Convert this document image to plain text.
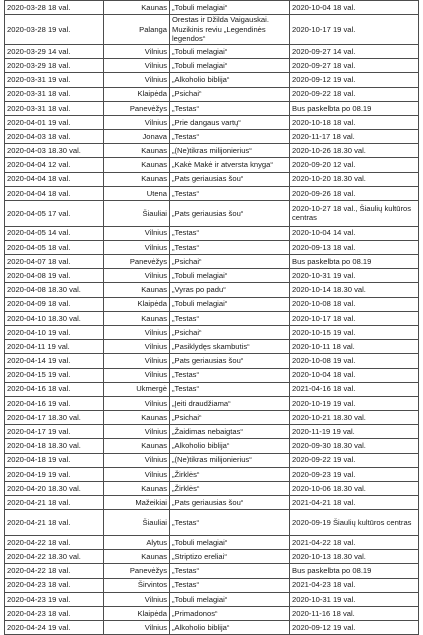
2020-03-28 18 val.	Kaunas	„Tobuli melagiai“	2020-10-04 18 val.
2020-03-28 19 val.	Palanga	Orestas ir Džilda Vaigauskai. Muzikinis reviu „Legendinės legendos“	2020-10-17 19 val.
2020-03-29 14 val.	Vilnius	„Tobuli melagiai“	2020-09-27 14 val.
2020-03-29 18 val.	Vilnius	„Tobuli melagiai“	2020-09-27 18 val.
2020-03-31 19 val.	Vilnius	„Alkoholio biblija“	2020-09-12 19 val.
2020-03-31 18 val.	Klaipėda	„Psichai“	2020-09-22 18 val.
2020-03-31 18 val.	Panevėžys	„Testas“	Bus paskelbta po 08.19
2020-04-01 19 val.	Vilnius	„Prie dangaus vartų“	2020-10-18 18 val.
2020-04-03 18 val.	Jonava	„Testas“	2020-11-17 18 val.
2020-04-03 18.30 val.	Kaunas	„(Ne)tikras milijonierius“	2020-10-26 18.30 val.
2020-04-04 12 val.	Kaunas	„Kakė Makė ir atversta knyga“	2020-09-20 12 val.
2020-04-04 18 val.	Kaunas	„Pats geriausias šou“	2020-10-20 18.30 val.
2020-04-04 18 val.	Utena	„Testas“	2020-09-26 18 val.
2020-04-05 17 val.	Šiauliai	„Pats geriausias šou“	2020-10-27 18 val., Šiaulių kultūros centras
2020-04-05 14 val.	Vilnius	„Testas“	2020-10-04 14 val.
2020-04-05 18 val.	Vilnius	„Testas“	2020-09-13 18 val.
2020-04-07 18 val.	Panevėžys	„Psichai“	Bus paskelbta po 08.19
2020-04-08 19 val.	Vilnius	„Tobuli melagiai“	2020-10-31 19 val.
2020-04-08 18.30 val.	Kaunas	„Vyras po padu“	2020-10-14 18.30 val.
2020-04-09 18 val.	Klaipėda	„Tobuli melagiai“	2020-10-08 18 val.
2020-04-10 18.30 val.	Kaunas	„Testas“	2020-10-17 18 val.
2020-04-10 19 val.	Vilnius	„Psichai“	2020-10-15 19 val.
2020-04-11 19 val.	Vilnius	„Pasiklydęs skambutis“	2020-10-11 18 val.
2020-04-14 19 val.	Vilnius	„Pats geriausias šou“	2020-10-08 19 val.
2020-04-15 19 val.	Vilnius	„Testas“	2020-10-04 18 val.
2020-04-16 18 val.	Ukmergė	„Testas“	2021-04-16 18 val.
2020-04-16 19 val.	Vilnius	„Įeiti draudžiama“	2020-10-19 19 val.
2020-04-17 18.30 val.	Kaunas	„Psichai“	2020-10-21 18.30 val.
2020-04-17 19 val.	Vilnius	„Žaidimas nebaigtas“	2020-11-19 19 val.
2020-04-18 18.30 val.	Kaunas	„Alkoholio biblija“	2020-09-30 18.30 val.
2020-04-18 19 val.	Vilnius	„(Ne)tikras milijonierius“	2020-09-22 19 val.
2020-04-19 19 val.	Vilnius	„Žirklės“	2020-09-23 19 val.
2020-04-20 18.30 val.	Kaunas	„Žirklės“	2020-10-06 18.30 val.
2020-04-21 18 val.	Mažeikiai	„Pats geriausias šou“	2021-04-21 18 val.
2020-04-21 18 val.	Šiauliai	„Testas“	2020-09-19 Šiaulių kultūros centras
2020-04-22 18 val.	Alytus	„Tobuli melagiai“	2021-04-22 18 val.
2020-04-22 18.30 val.	Kaunas	„Striptizo ereliai“	2020-10-13 18.30 val.
2020-04-22 18 val.	Panevėžys	„Testas“	Bus paskelbta po 08.19
2020-04-23 18 val.	Širvintos	„Testas“	2021-04-23 18 val.
2020-04-23 19 val.	Vilnius	„Tobuli melagiai“	2020-10-31 19 val.
2020-04-23 18 val.	Klaipėda	„Primadonos“	2020-11-16 18 val.
2020-04-24 19 val.	Vilnius	„Alkoholio biblija“	2020-09-12 19 val.
